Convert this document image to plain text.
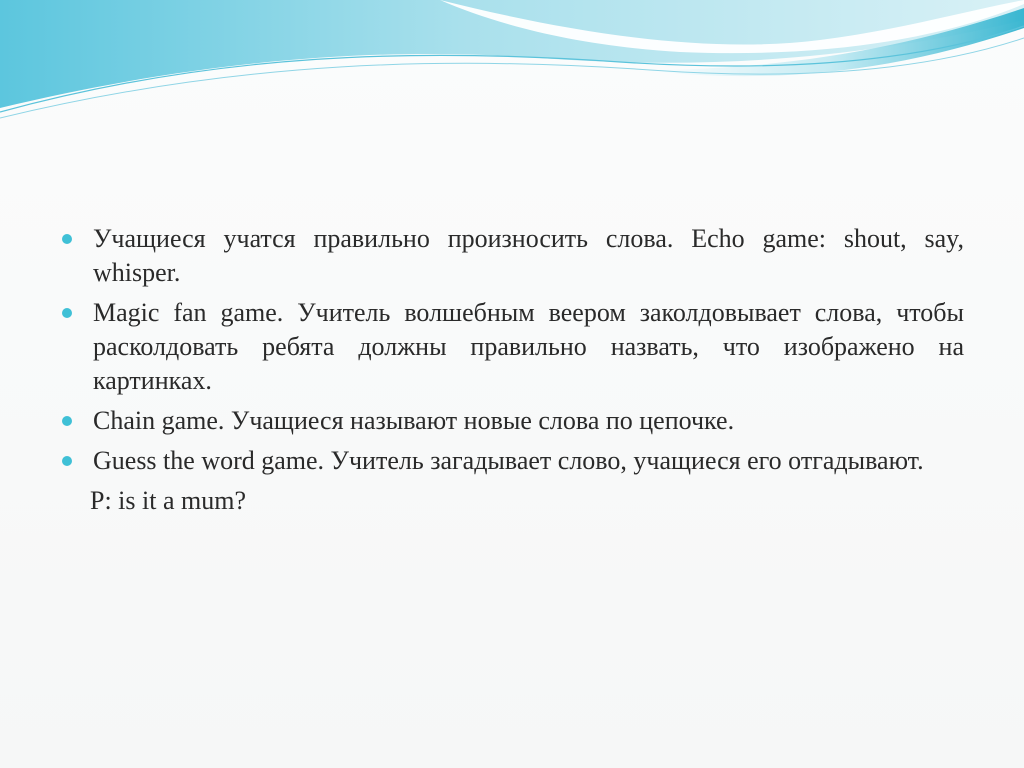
Учащиеся учатся правильно произносить слова. Echo game: shout, say, whisper.
Magic fan game. Учитель волшебным веером заколдовывает слова, чтобы расколдовать ребята должны правильно назвать, что изображено на картинках.
Chain game. Учащиеся называют новые слова по цепочке.
Guess the word game. Учитель загадывает слово, учащиеся его отгадывают.
P: is it a mum?
